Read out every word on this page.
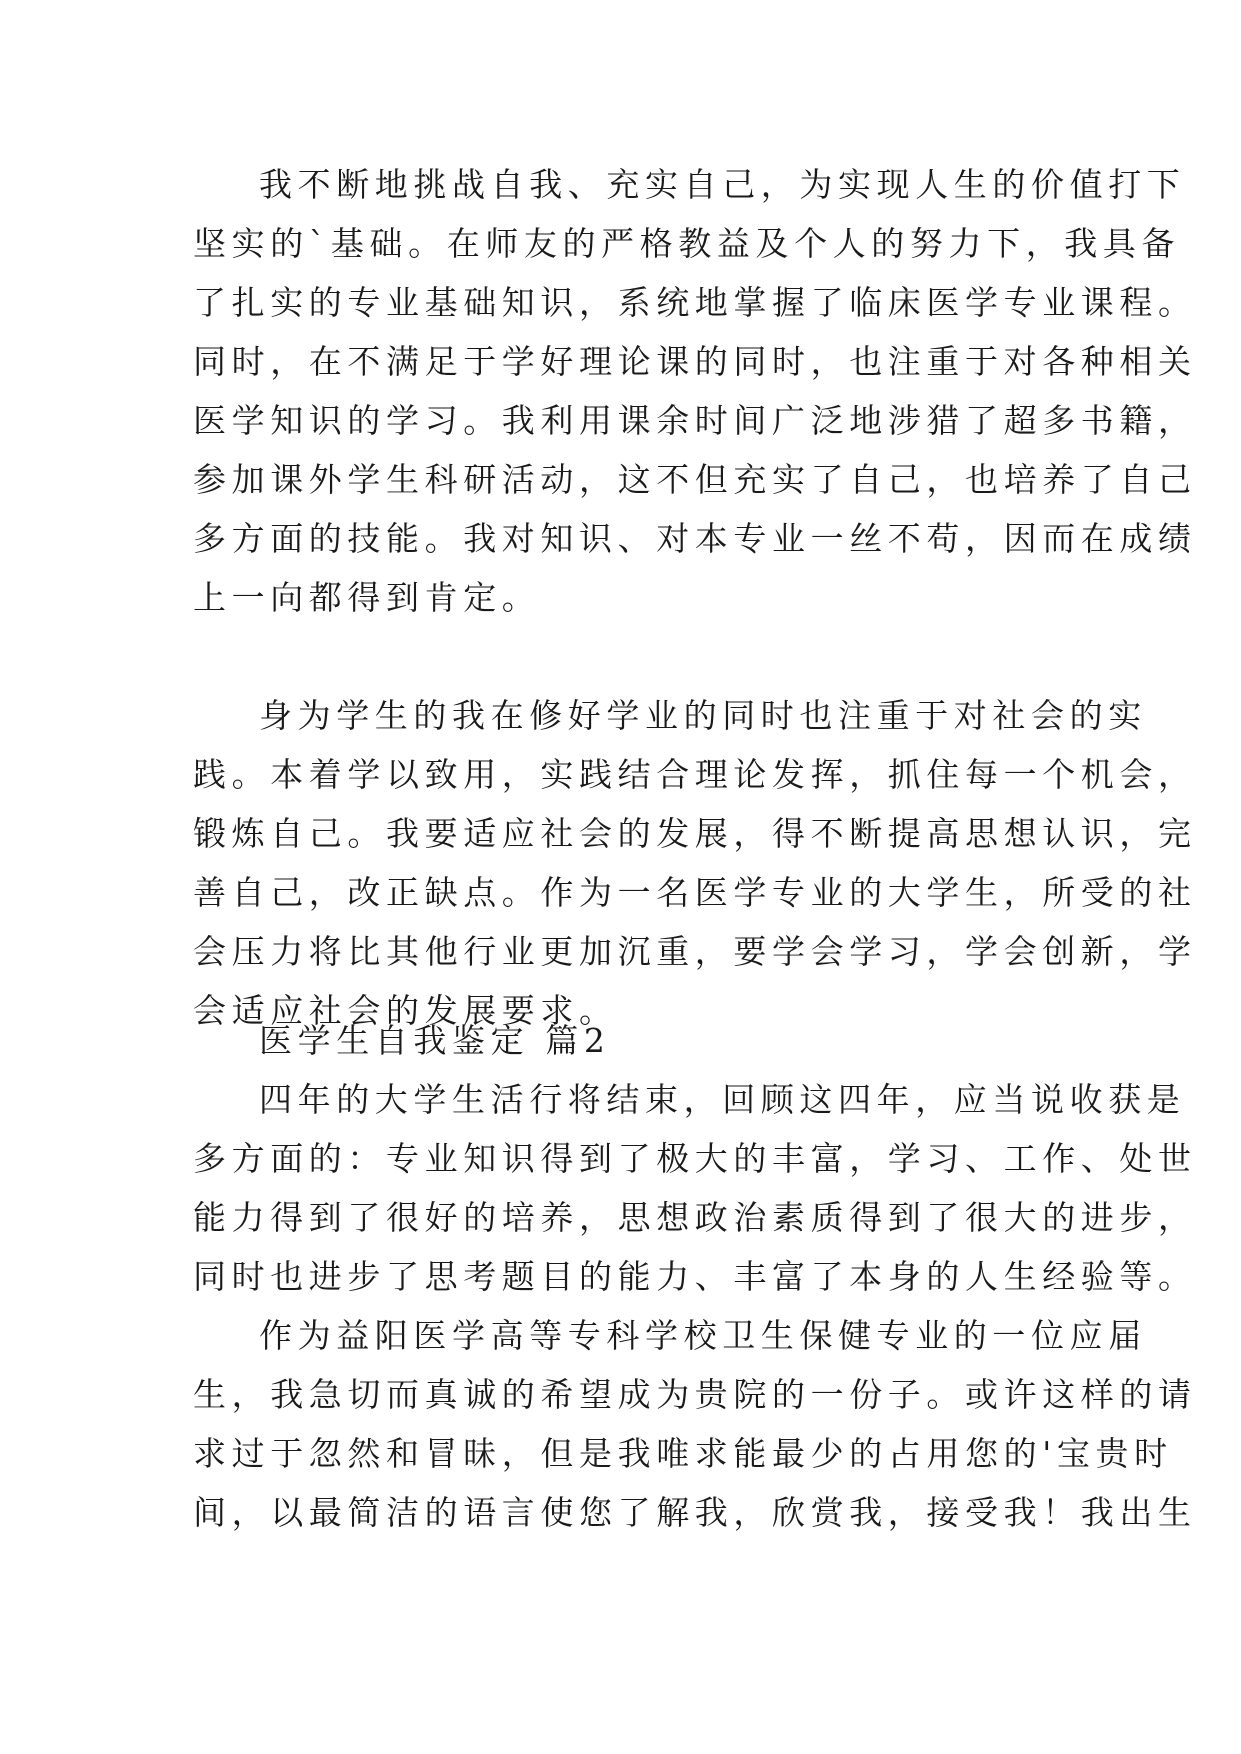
我不断地挑战自我、充实自己，为实现人生的价值打下
坚实的`基础。在师友的严格教益及个人的努力下，我具备
了扎实的专业基础知识，系统地掌握了临床医学专业课程。
同时，在不满足于学好理论课的同时，也注重于对各种相关
医学知识的学习。我利用课余时间广泛地涉猎了超多书籍，
参加课外学生科研活动，这不但充实了自己，也培养了自己
多方面的技能。我对知识、对本专业一丝不苟，因而在成绩
上一向都得到肯定。
身为学生的我在修好学业的同时也注重于对社会的实
践。本着学以致用，实践结合理论发挥，抓住每一个机会，
锻炼自己。我要适应社会的发展，得不断提高思想认识，完
善自己，改正缺点。作为一名医学专业的大学生，所受的社
会压力将比其他行业更加沉重，要学会学习，学会创新，学
会适应社会的发展要求。
医学生自我鉴定 篇2
四年的大学生活行将结束，回顾这四年，应当说收获是
多方面的：专业知识得到了极大的丰富，学习、工作、处世
能力得到了很好的培养，思想政治素质得到了很大的进步，
同时也进步了思考题目的能力、丰富了本身的人生经验等。
作为益阳医学高等专科学校卫生保健专业的一位应届
生，我急切而真诚的希望成为贵院的一份子。或许这样的请
求过于忽然和冒昧，但是我唯求能最少的占用您的'宝贵时
间，以最简洁的语言使您了解我，欣赏我，接受我！我出生
